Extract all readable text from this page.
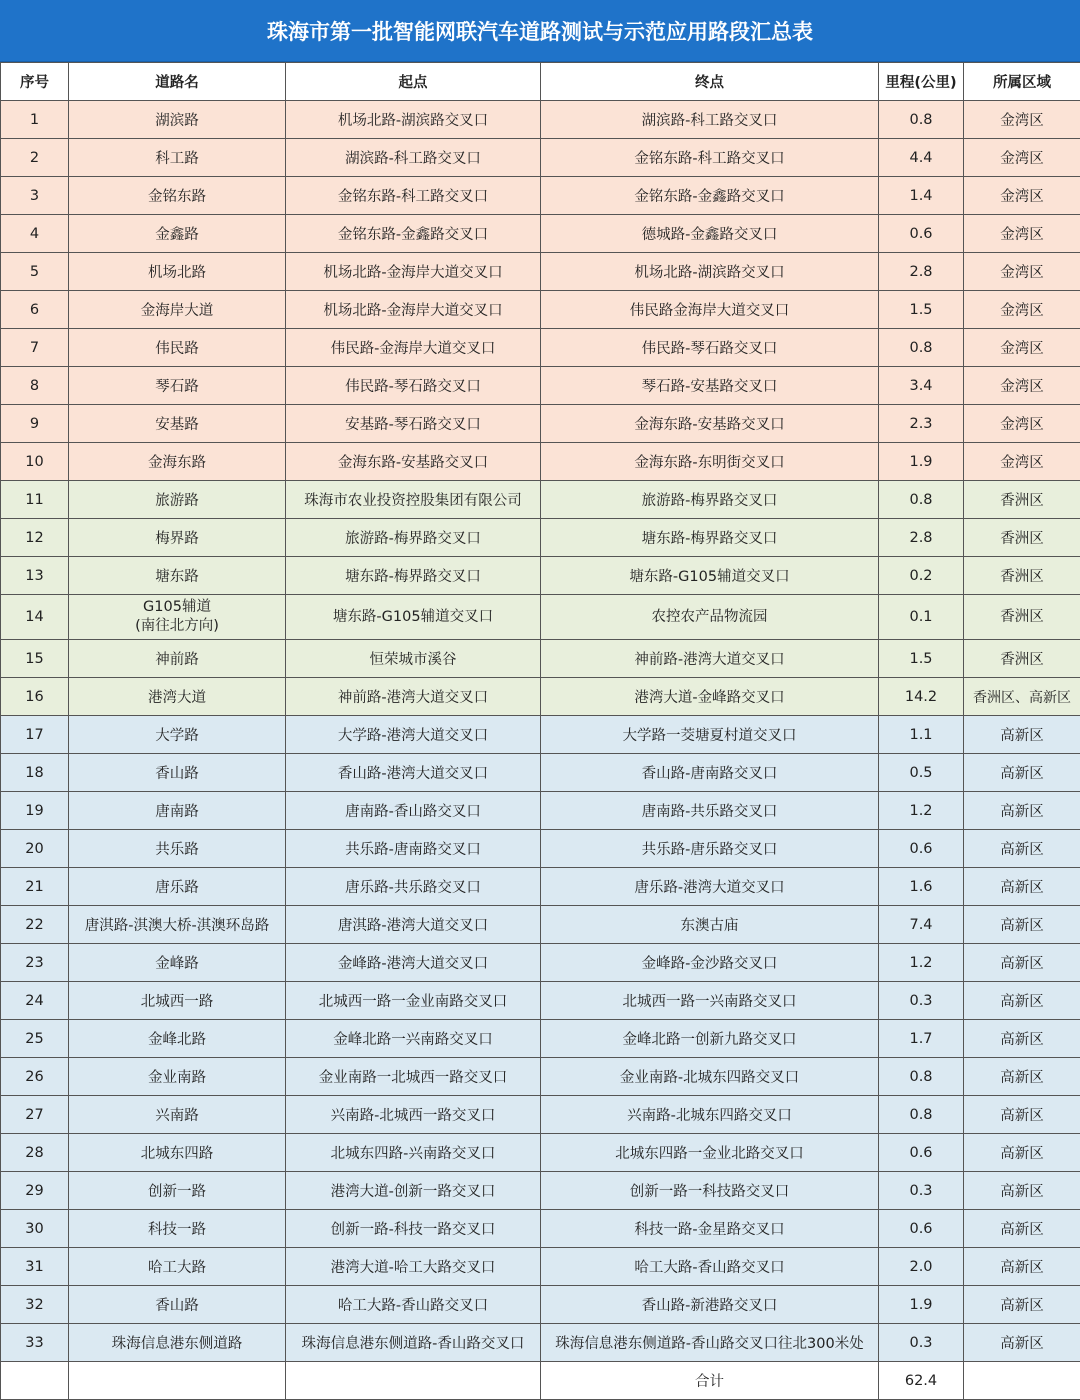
珠海市第一批智能网联汽车道路测试与示范应用路段汇总表
序号	道路名	起点	终点	里程(公里)	所属区域
1	湖滨路	机场北路-湖滨路交叉口	湖滨路-科工路交叉口	0.8	金湾区
2	科工路	湖滨路-科工路交叉口	金铭东路-科工路交叉口	4.4	金湾区
3	金铭东路	金铭东路-科工路交叉口	金铭东路-金鑫路交叉口	1.4	金湾区
4	金鑫路	金铭东路-金鑫路交叉口	德城路-金鑫路交叉口	0.6	金湾区
5	机场北路	机场北路-金海岸大道交叉口	机场北路-湖滨路交叉口	2.8	金湾区
6	金海岸大道	机场北路-金海岸大道交叉口	伟民路金海岸大道交叉口	1.5	金湾区
7	伟民路	伟民路-金海岸大道交叉口	伟民路-琴石路交叉口	0.8	金湾区
8	琴石路	伟民路-琴石路交叉口	琴石路-安基路交叉口	3.4	金湾区
9	安基路	安基路-琴石路交叉口	金海东路-安基路交叉口	2.3	金湾区
10	金海东路	金海东路-安基路交叉口	金海东路-东明街交叉口	1.9	金湾区
11	旅游路	珠海市农业投资控股集团有限公司	旅游路-梅界路交叉口	0.8	香洲区
12	梅界路	旅游路-梅界路交叉口	塘东路-梅界路交叉口	2.8	香洲区
13	塘东路	塘东路-梅界路交叉口	塘东路-G105辅道交叉口	0.2	香洲区
14	G105辅道
(南往北方向)	塘东路-G105辅道交叉口	农控农产品物流园	0.1	香洲区
15	神前路	恒荣城市溪谷	神前路-港湾大道交叉口	1.5	香洲区
16	港湾大道	神前路-港湾大道交叉口	港湾大道-金峰路交叉口	14.2	香洲区、高新区
17	大学路	大学路-港湾大道交叉口	大学路一茭塘夏村道交叉口	1.1	高新区
18	香山路	香山路-港湾大道交叉口	香山路-唐南路交叉口	0.5	高新区
19	唐南路	唐南路-香山路交叉口	唐南路-共乐路交叉口	1.2	高新区
20	共乐路	共乐路-唐南路交叉口	共乐路-唐乐路交叉口	0.6	高新区
21	唐乐路	唐乐路-共乐路交叉口	唐乐路-港湾大道交叉口	1.6	高新区
22	唐淇路-淇澳大桥-淇澳环岛路	唐淇路-港湾大道交叉口	东澳古庙	7.4	高新区
23	金峰路	金峰路-港湾大道交叉口	金峰路-金沙路交叉口	1.2	高新区
24	北城西一路	北城西一路一金业南路交叉口	北城西一路一兴南路交叉口	0.3	高新区
25	金峰北路	金峰北路一兴南路交叉口	金峰北路一创新九路交叉口	1.7	高新区
26	金业南路	金业南路一北城西一路交叉口	金业南路-北城东四路交叉口	0.8	高新区
27	兴南路	兴南路-北城西一路交叉口	兴南路-北城东四路交叉口	0.8	高新区
28	北城东四路	北城东四路-兴南路交叉口	北城东四路一金业北路交叉口	0.6	高新区
29	创新一路	港湾大道-创新一路交叉口	创新一路一科技路交叉口	0.3	高新区
30	科技一路	创新一路-科技一路交叉口	科技一路-金星路交叉口	0.6	高新区
31	哈工大路	港湾大道-哈工大路交叉口	哈工大路-香山路交叉口	2.0	高新区
32	香山路	哈工大路-香山路交叉口	香山路-新港路交叉口	1.9	高新区
33	珠海信息港东侧道路	珠海信息港东侧道路-香山路交叉口	珠海信息港东侧道路-香山路交叉口往北300米处	0.3	高新区
			合计	62.4	
